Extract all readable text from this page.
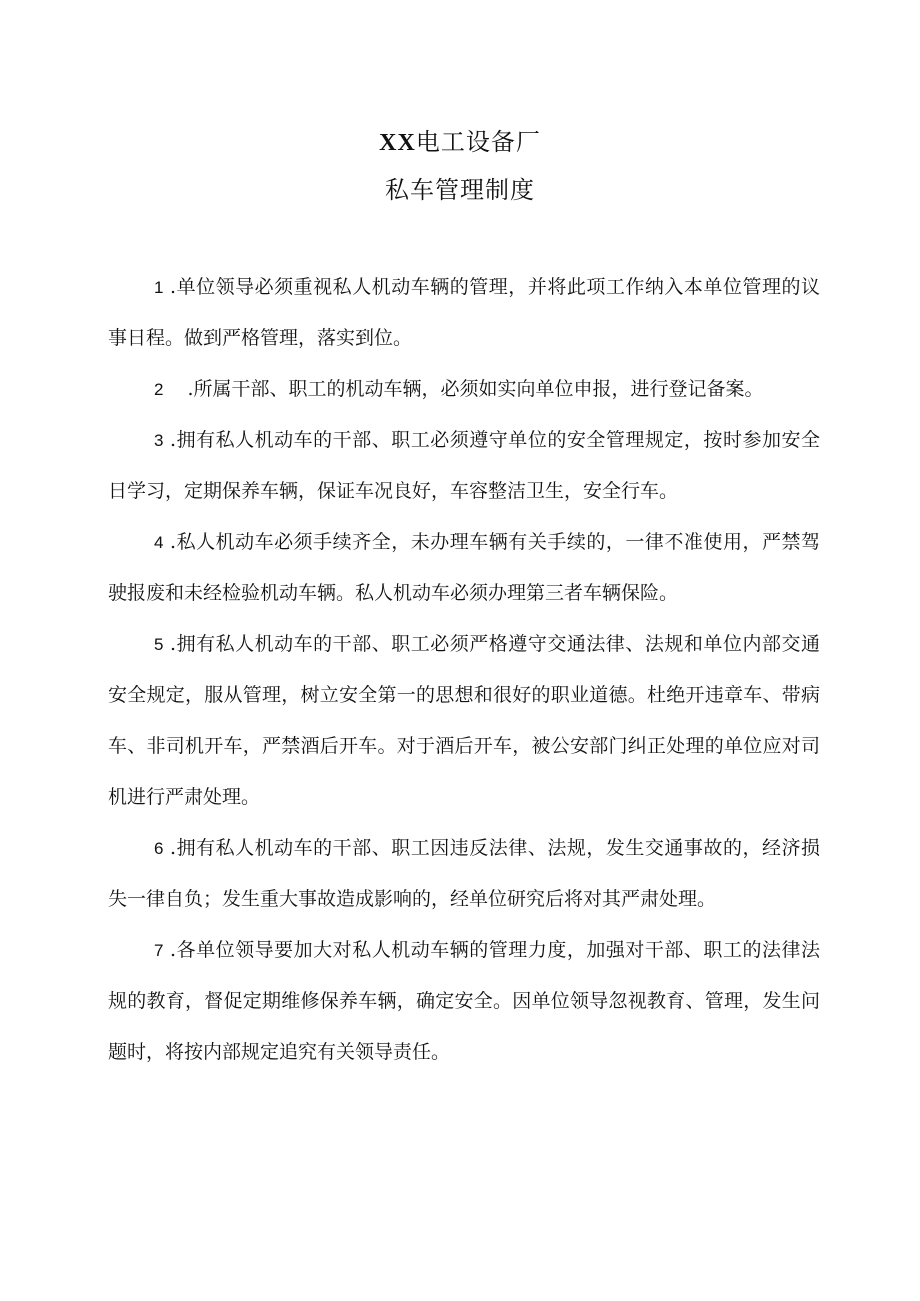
XX电工设备厂
私车管理制度

1 .单位领导必须重视私人机动车辆的管理，并将此项工作纳入本单位管理的议事日程。做到严格管理，落实到位。

2 .所属干部、职工的机动车辆，必须如实向单位申报，进行登记备案。

3 .拥有私人机动车的干部、职工必须遵守单位的安全管理规定，按时参加安全日学习，定期保养车辆，保证车况良好，车容整洁卫生，安全行车。

4 .私人机动车必须手续齐全，未办理车辆有关手续的，一律不准使用，严禁驾驶报废和未经检验机动车辆。私人机动车必须办理第三者车辆保险。

5 .拥有私人机动车的干部、职工必须严格遵守交通法律、法规和单位内部交通安全规定，服从管理，树立安全第一的思想和很好的职业道德。杜绝开违章车、带病车、非司机开车，严禁酒后开车。对于酒后开车，被公安部门纠正处理的单位应对司机进行严肃处理。

6 .拥有私人机动车的干部、职工因违反法律、法规，发生交通事故的，经济损失一律自负；发生重大事故造成影响的，经单位研究后将对其严肃处理。

7 .各单位领导要加大对私人机动车辆的管理力度，加强对干部、职工的法律法规的教育，督促定期维修保养车辆，确定安全。因单位领导忽视教育、管理，发生问题时，将按内部规定追究有关领导责任。
